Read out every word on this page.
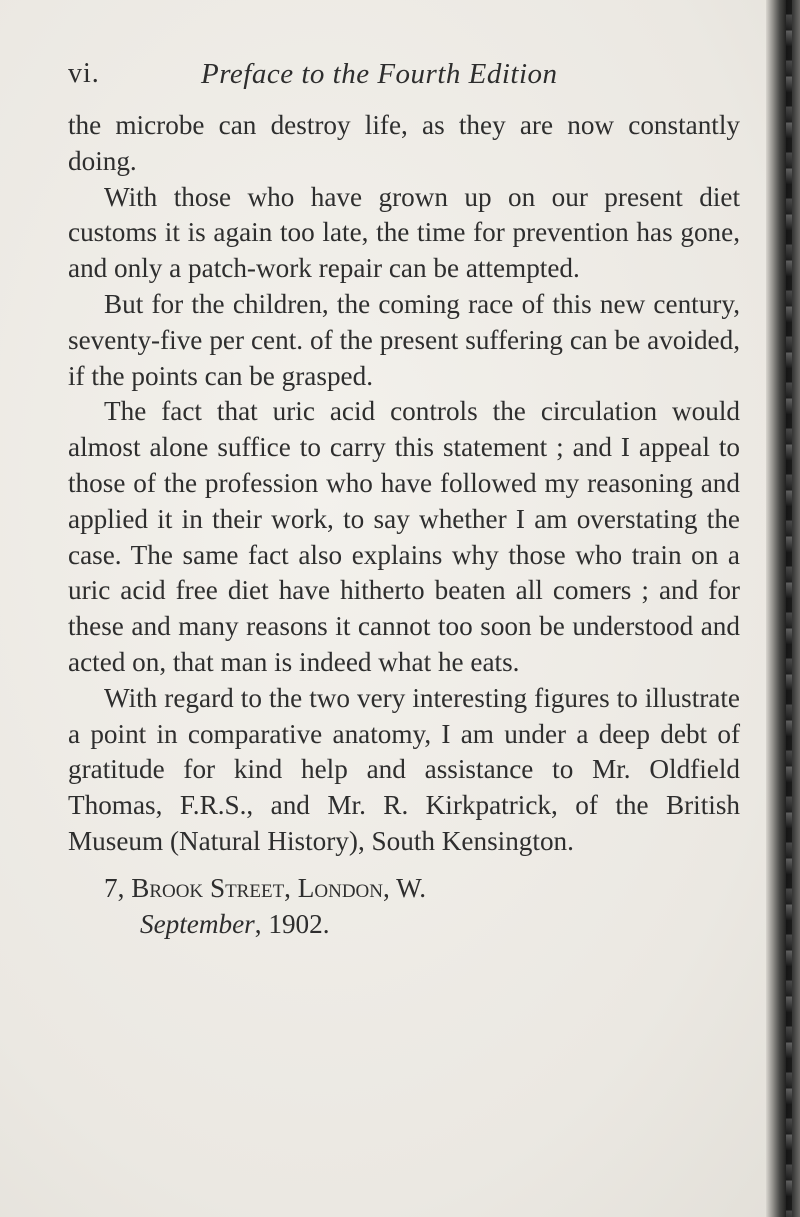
vi.	Preface to the Fourth Edition

the microbe can destroy life, as they are now constantly doing.

With those who have grown up on our present diet customs it is again too late, the time for prevention has gone, and only a patch-work repair can be attempted.

But for the children, the coming race of this new century, seventy-five per cent. of the present suffering can be avoided, if the points can be grasped.

The fact that uric acid controls the circulation would almost alone suffice to carry this statement ; and I appeal to those of the profession who have followed my reasoning and applied it in their work, to say whether I am overstating the case. The same fact also explains why those who train on a uric acid free diet have hitherto beaten all comers ; and for these and many reasons it cannot too soon be understood and acted on, that man is indeed what he eats.

With regard to the two very interesting figures to illustrate a point in comparative anatomy, I am under a deep debt of gratitude for kind help and assistance to Mr. Oldfield Thomas, F.R.S., and Mr. R. Kirkpatrick, of the British Museum (Natural History), South Kensington.

7, Brook Street, London, W.

September, 1902.
